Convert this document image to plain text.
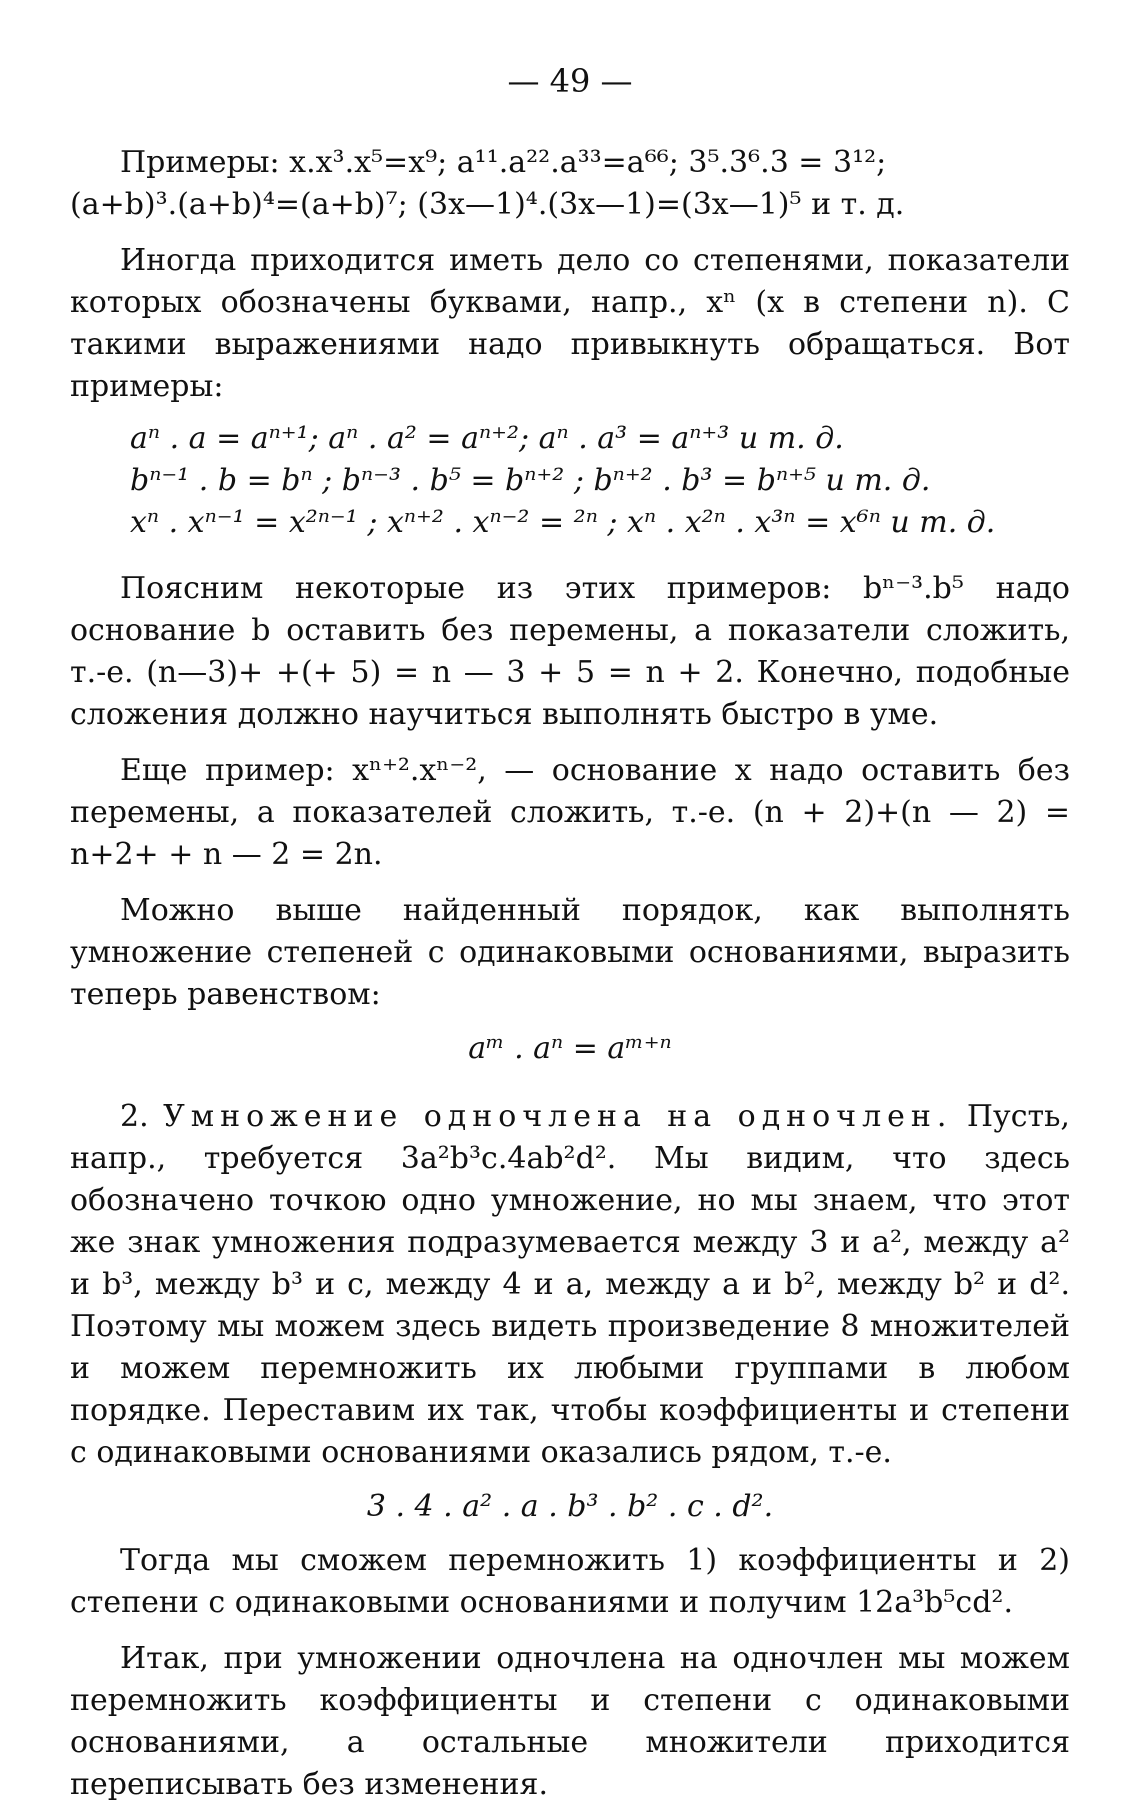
— 49 —

Примеры: x.x³.x⁵=x⁹; a¹¹.a²².a³³=a⁶⁶; 3⁵.3⁶.3 = 3¹²;

(a+b)³.(a+b)⁴=(a+b)⁷; (3x—1)⁴.(3x—1)=(3x—1)⁵ и т. д.

Иногда приходится иметь дело со степенями, показатели которых обозначены буквами, напр., xⁿ (x в степени n). С такими выражениями надо привыкнуть обращаться. Вот примеры:

aⁿ . a = aⁿ⁺¹; aⁿ . a² = aⁿ⁺²; aⁿ . a³ = aⁿ⁺³ и т. д.

bⁿ⁻¹ . b = bⁿ ; bⁿ⁻³ . b⁵ = bⁿ⁺² ; bⁿ⁺² . b³ = bⁿ⁺⁵ и т. д.

xⁿ . xⁿ⁻¹ = x²ⁿ⁻¹ ; xⁿ⁺² . xⁿ⁻² = ²ⁿ ; xⁿ . x²ⁿ . x³ⁿ = x⁶ⁿ и т. д.

Поясним некоторые из этих примеров: bⁿ⁻³.b⁵ надо основание b оставить без перемены, а показатели сложить, т.-е. (n—3)+ +(+ 5) = n — 3 + 5 = n + 2. Конечно, подобные сложения должно научиться выполнять быстро в уме.

Еще пример: xⁿ⁺².xⁿ⁻², — основание x надо оставить без перемены, а показателей сложить, т.-е. (n + 2)+(n — 2) = n+2+ + n — 2 = 2n.

Можно выше найденный порядок, как выполнять умножение степеней с одинаковыми основаниями, выразить теперь равенством:

aᵐ . aⁿ = aᵐ⁺ⁿ

2. Умножение одночлена на одночлен. Пусть, напр., требуется 3a²b³c.4ab²d². Мы видим, что здесь обозначено точкою одно умножение, но мы знаем, что этот же знак умножения подразумевается между 3 и a², между a² и b³, между b³ и c, между 4 и a, между a и b², между b² и d². Поэтому мы можем здесь видеть произведение 8 множителей и можем перемножить их любыми группами в любом порядке. Переставим их так, чтобы коэффициенты и степени с одинаковыми основаниями оказались рядом, т.-е.

3 . 4 . a² . a . b³ . b² . c . d².

Тогда мы сможем перемножить 1) коэффициенты и 2) степени с одинаковыми основаниями и получим 12a³b⁵cd².

Итак, при умножении одночлена на одночлен мы можем перемножить коэффициенты и степени с одинаковыми основаниями, а остальные множители приходится переписывать без изменения.
